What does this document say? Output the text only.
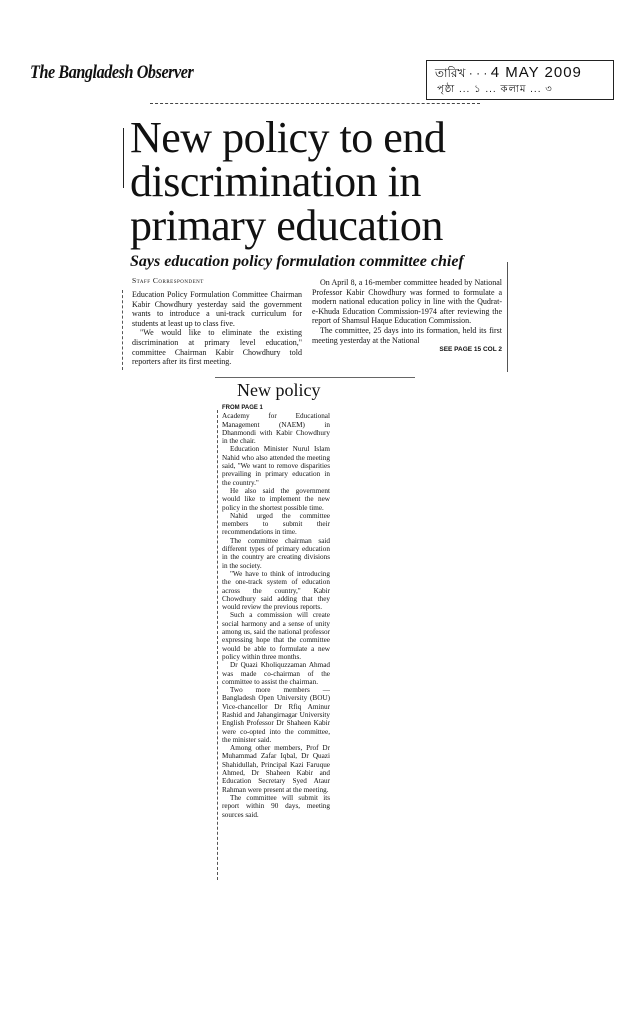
The Bangladesh Observer	তারিখ · · · 4 MAY 2009
পৃষ্ঠা ... ১ ... কলাম ... ৩
New policy to end
discrimination in
primary education
Says education policy formulation committee chief
Staff Correspondent

Education Policy Formulation Committee Chairman Kabir Chowdhury yesterday said the government wants to introduce a uni-track curriculum for students at least up to class five.

"We would like to eliminate the existing discrimination at primary level education," committee Chairman Kabir Chowdhury told reporters after its first meeting.

On April 8, a 16-member committee headed by National Professor Kabir Chowdhury was formed to formulate a modern national education policy in line with the Qudrat-e-Khuda Education Commission-1974 after reviewing the report of Shamsul Haque Education Commission.

The committee, 25 days into its formation, held its first meeting yesterday at the National

SEE PAGE 15 COL 2
New policy
FROM PAGE 1

Academy for Educational Management (NAEM) in Dhanmondi with Kabir Chowdhury in the chair.

Education Minister Nurul Islam Nahid who also attended the meeting said, "We want to remove disparities prevailing in primary education in the country."

He also said the government would like to implement the new policy in the shortest possible time.

Nahid urged the committee members to submit their recommendations in time.

The committee chairman said different types of primary education in the country are creating divisions in the society.

"We have to think of introducing the one-track system of education across the country," Kabir Chowdhury said adding that they would review the previous reports.

Such a commission will create social harmony and a sense of unity among us, said the national professor expressing hope that the committee would be able to formulate a new policy within three months.

Dr Quazi Kholiquzzaman Ahmad was made co-chairman of the committee to assist the chairman.

Two more members — Bangladesh Open University (BOU) Vice-chancellor Dr Rfiq Aminur Rashid and Jahangirnagar University English Professor Dr Shaheen Kabir were co-opted into the committee, the minister said.

Among other members, Prof Dr Muhammad Zafar Iqbal, Dr Quazi Shahidullah, Principal Kazi Faruque Ahmed, Dr Shaheen Kabir and Education Secretary Syed Ataur Rahman were present at the meeting.

The committee will submit its report within 90 days, meeting sources said.
